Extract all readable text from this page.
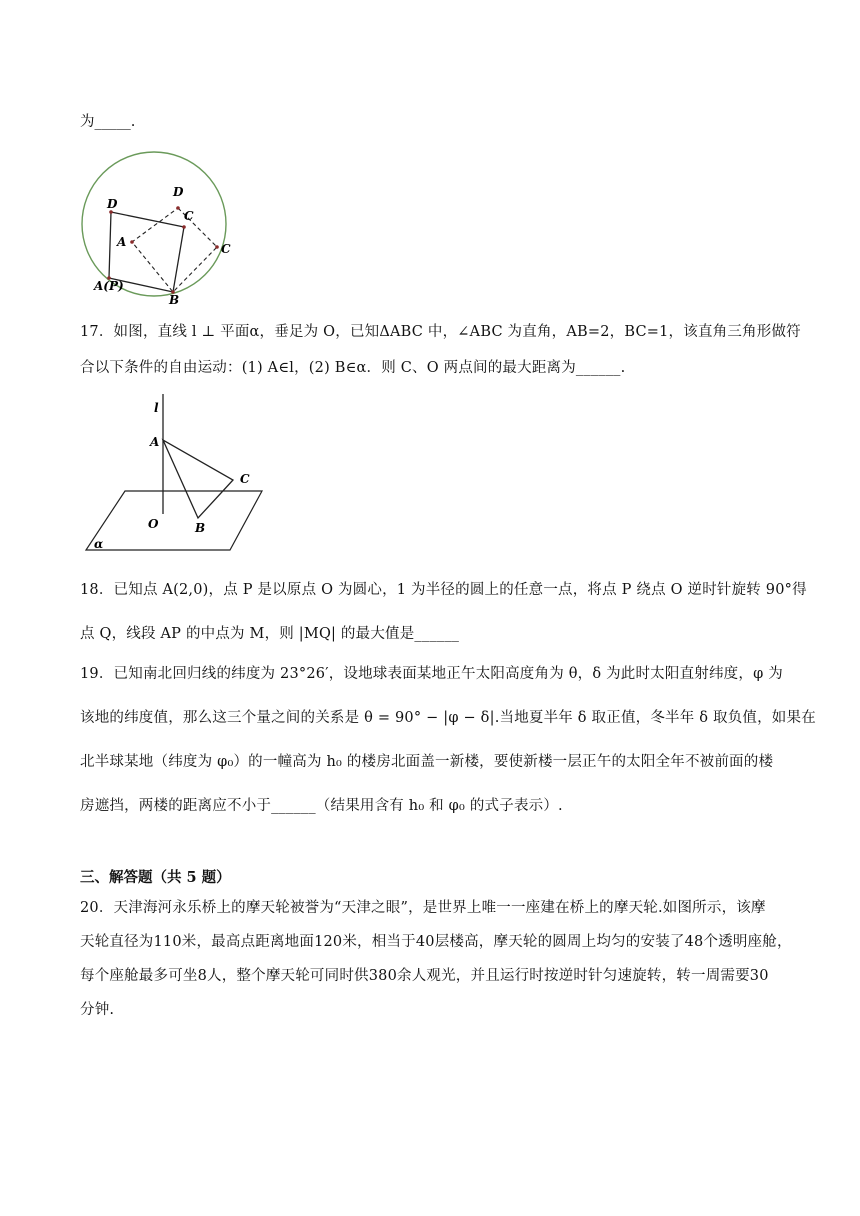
为_____.
D
D
C
C
A
A(P)
B
17．如图，直线 l ⊥ 平面α，垂足为 O，已知ΔABC 中，∠ABC 为直角，AB=2，BC=1，该直角三角形做符
合以下条件的自由运动：(1) A∈l，(2) B∈α．则 C、O 两点间的最大距离为______.
l
A
C
O	B
α
18．已知点 A(2,0)，点 P 是以原点 O 为圆心，1 为半径的圆上的任意一点，将点 P 绕点 O 逆时针旋转 90°得
点 Q，线段 AP 的中点为 M，则 |MQ| 的最大值是______
19．已知南北回归线的纬度为 23°26′，设地球表面某地正午太阳高度角为 θ，δ 为此时太阳直射纬度，φ 为
该地的纬度值，那么这三个量之间的关系是 θ = 90° − |φ − δ|.当地夏半年 δ 取正值，冬半年 δ 取负值，如果在
北半球某地（纬度为 φ₀）的一幢高为 h₀ 的楼房北面盖一新楼，要使新楼一层正午的太阳全年不被前面的楼
房遮挡，两楼的距离应不小于______（结果用含有 h₀ 和 φ₀ 的式子表示）.
三、解答题（共 5 题）
20．天津海河永乐桥上的摩天轮被誉为“天津之眼”，是世界上唯一一座建在桥上的摩天轮.如图所示，该摩
天轮直径为110米，最高点距离地面120米，相当于40层楼高，摩天轮的圆周上均匀的安装了48个透明座舱，
每个座舱最多可坐8人，整个摩天轮可同时供380余人观光，并且运行时按逆时针匀速旋转，转一周需要30
分钟.
